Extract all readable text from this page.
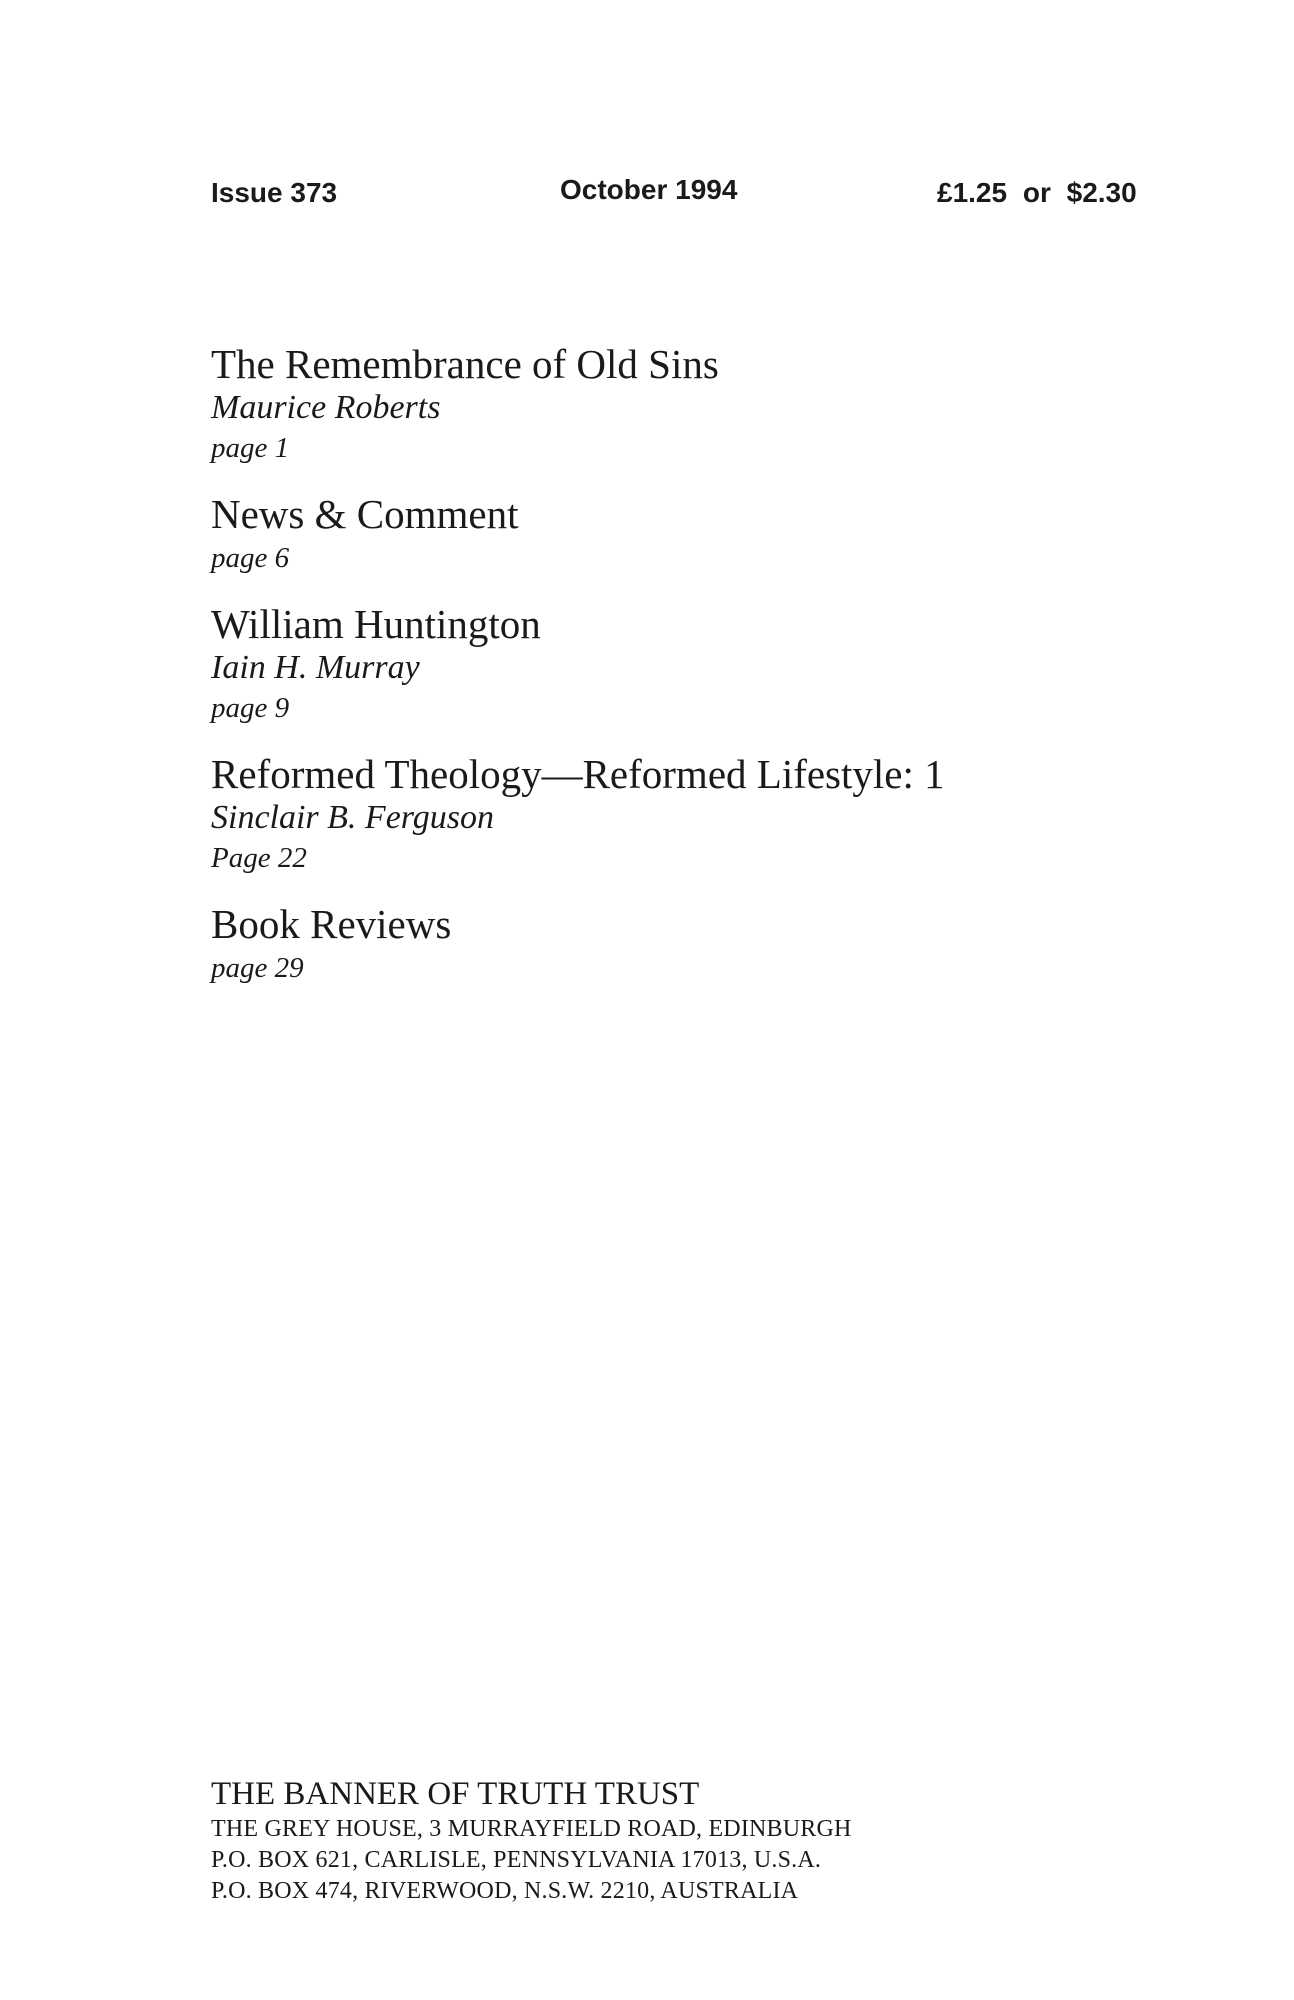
Issue 373	October 1994	£1.25 or $2.30
The Remembrance of Old Sins
Maurice Roberts
page 1
News & Comment
page 6
William Huntington
Iain H. Murray
page 9
Reformed Theology—Reformed Lifestyle: 1
Sinclair B. Ferguson
Page 22
Book Reviews
page 29
THE BANNER OF TRUTH TRUST
THE GREY HOUSE, 3 MURRAYFIELD ROAD, EDINBURGH
P.O. BOX 621, CARLISLE, PENNSYLVANIA 17013, U.S.A.
P.O. BOX 474, RIVERWOOD, N.S.W. 2210, AUSTRALIA
